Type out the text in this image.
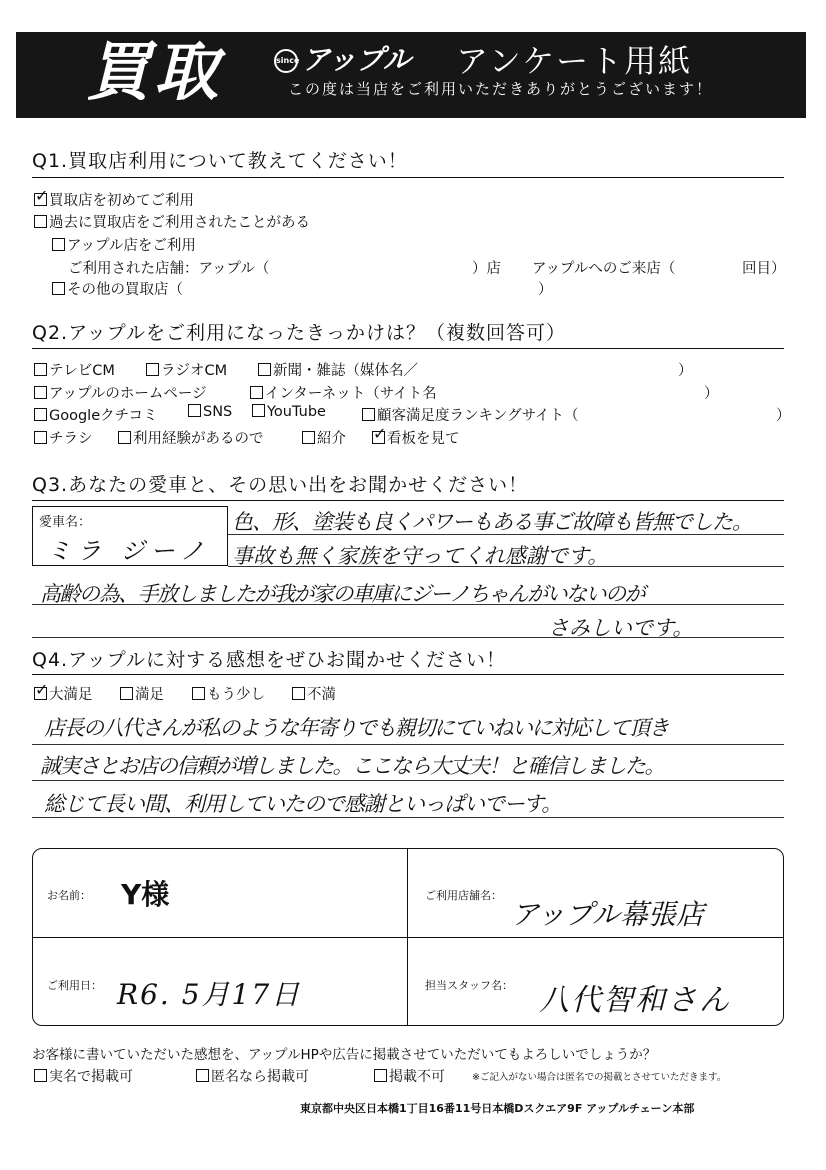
買取	sinceアップル アンケート用紙
この度は当店をご利用いただきありがとうございます！
Q1.買取店利用について教えてください！
✓買取店を初めてご利用
過去に買取店をご利用されたことがある
アップル店をご利用
ご利用された店舗：アップル（	）店 アップルへのご来店（	回目）
その他の買取店（	）
Q2.アップルをご利用になったきっかけは？（複数回答可）
テレビCM	ラジオCM	新聞・雑誌（媒体名／	）
アップルのホームページ	インターネット（サイト名	）
Googleクチコミ	SNS	YouTube	顧客満足度ランキングサイト（	）
チラシ	利用経験があるので	紹介
✓	看板を見て
Q3.あなたの愛車と、その思い出をお聞かせください！
愛車名：
ミラ ジーノ
色、形、塗装も良くパワーもある事ご故障も皆無でした。
事故も無く家族を守ってくれ感謝です。
高齢の為、手放しましたが我が家の車庫にジーノちゃんがいないのが
さみしいです。
Q4.アップルに対する感想をぜひお聞かせください！
✓大満足	満足	もう少し	不満
店長の八代さんが私のような年寄りでも親切にていねいに対応して頂き
誠実さとお店の信頼が増しました。ここなら大丈夫！と確信しました。
総じて長い間、利用していたので感謝といっぱいでーす。
お名前： Y様	ご利用店舗名：
アップル幕張店
ご利用日： R6. 5月17日	担当スタッフ名： 八代智和さん
お客様に書いていただいた感想を、アップルHPや広告に掲載させていただいてもよろしいでしょうか？
実名で掲載可	匿名なら掲載可	掲載不可	※ご記入がない場合は匿名での掲載とさせていただきます。
東京都中央区日本橋1丁目16番11号日本橋Dスクエア9F アップルチェーン本部
